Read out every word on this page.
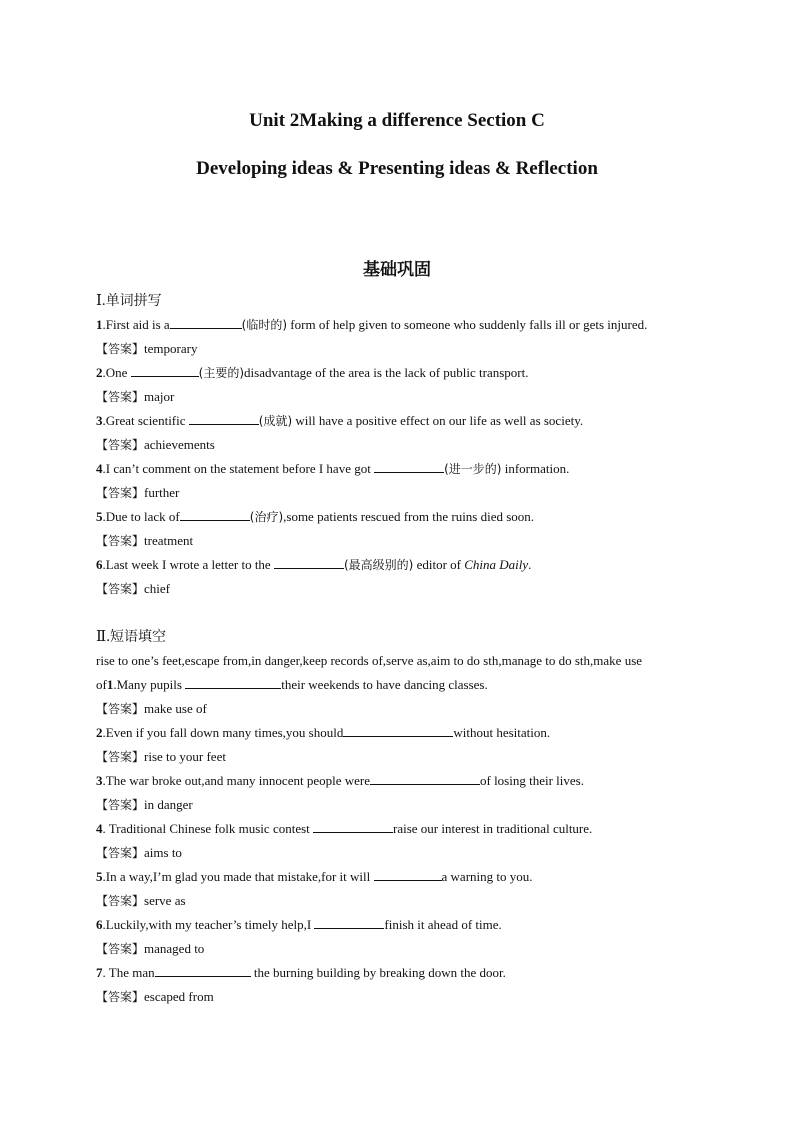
Unit 2Making a difference Section C

Developing ideas & Presenting ideas & Reflection

基础巩固

Ⅰ.单词拼写

1.First aid is a	(临时的) form of help given to someone who suddenly falls ill or gets injured.

【答案】temporary

2.One	(主要的)disadvantage of the area is the lack of public transport.

【答案】major

3.Great scientific	(成就) will have a positive effect on our life as well as society.

【答案】achievements

4.I can’t comment on the statement before I have got	(进一步的) information.

【答案】further

5.Due to lack of	(治疗),some patients rescued from the ruins died soon.

【答案】treatment

6.Last week I wrote a letter to the	(最高级别的) editor of China Daily.

【答案】chief

Ⅱ.短语填空

rise to one’s feet,escape from,in danger,keep records of,serve as,aim to do sth,manage to do sth,make use

of1.Many pupils	their weekends to have dancing classes.

【答案】make use of

2.Even if you fall down many times,you should	without hesitation.

【答案】rise to your feet

3.The war broke out,and many innocent people were	of losing their lives.

【答案】in danger

4. Traditional Chinese folk music contest	raise our interest in traditional culture.

【答案】aims to

5.In a way,I’m glad you made that mistake,for it will	a warning to you.

【答案】serve as

6.Luckily,with my teacher’s timely help,I	finish it ahead of time.

【答案】managed to

7. The man	the burning building by breaking down the door.

【答案】escaped from
